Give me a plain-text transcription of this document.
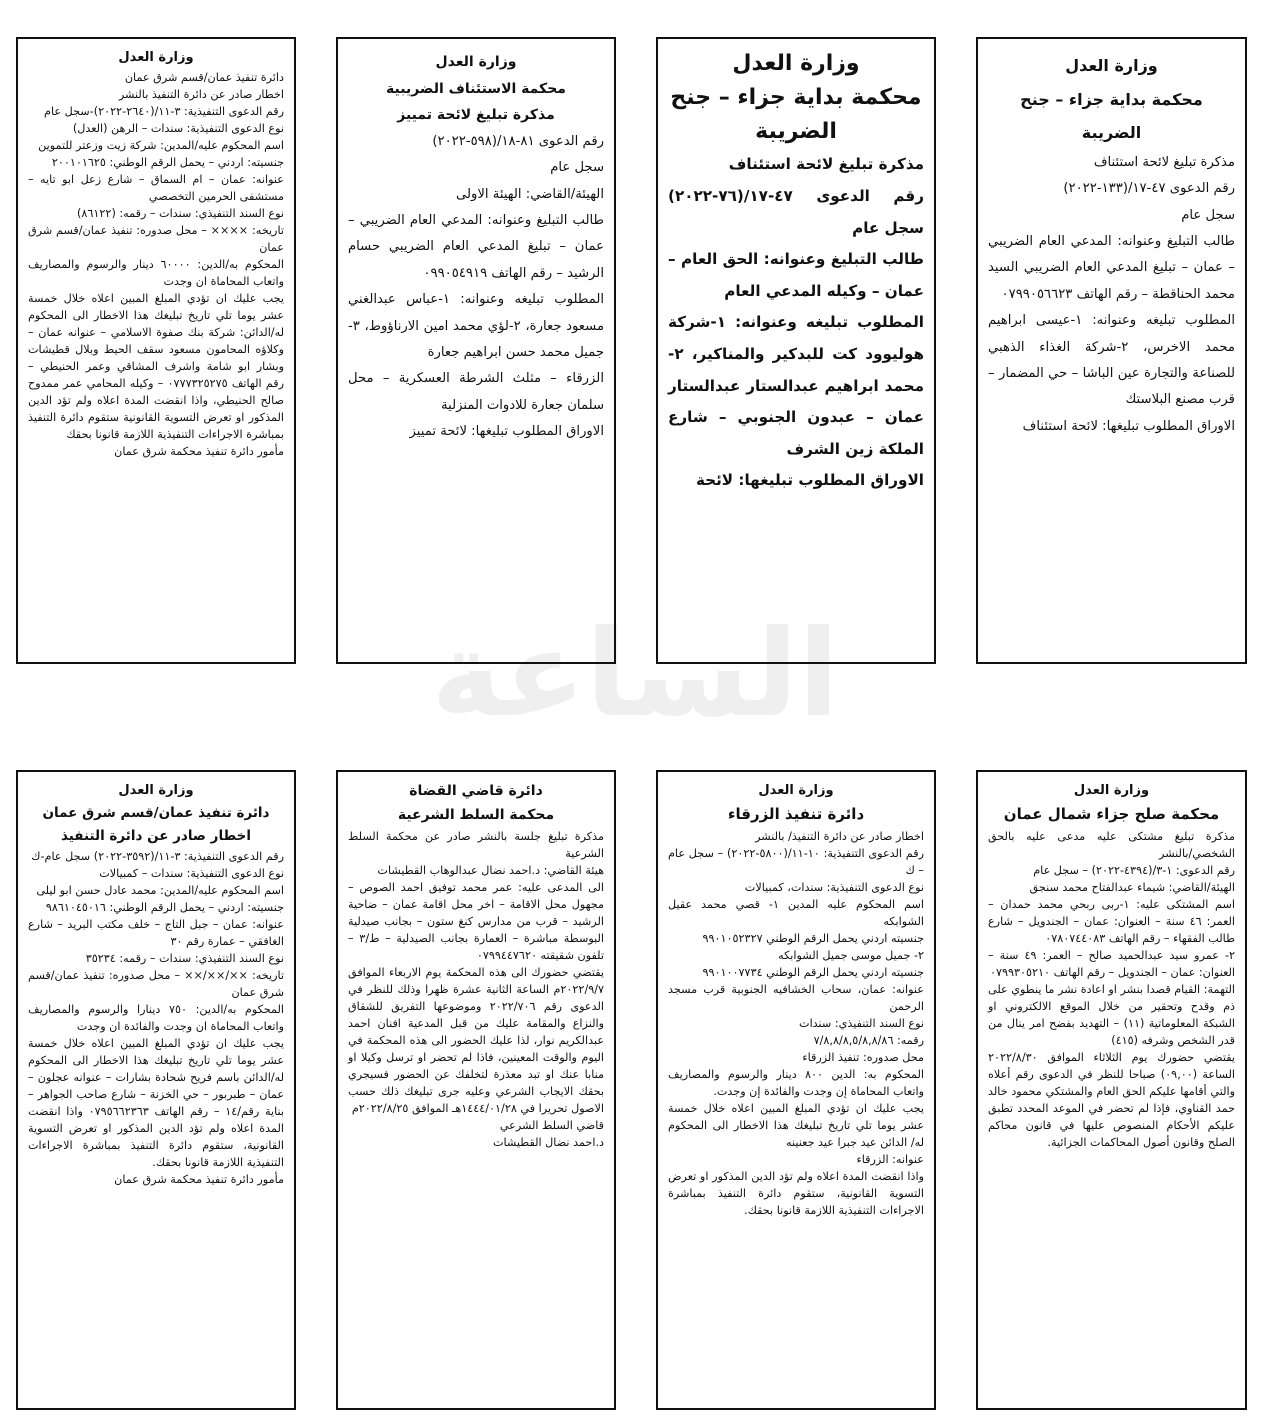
الساعة

وزارة العدل

محكمة بداية جزاء – جنح الضريبة

مذكرة تبليغ لائحة استئناف

رقم الدعوى ٤٧-١٧/(١٣٣-٢٠٢٢)

سجل عام

طالب التبليغ وعنوانه: المدعي العام الضريبي – عمان – تبليغ المدعي العام الضريبي السيد محمد الحناقطة – رقم الهاتف ٠٧٩٩٠٥٦٦٢٣

المطلوب تبليغه وعنوانه: ١-عيسى ابراهيم محمد الاخرس، ٢-شركة الغذاء الذهبي للصناعة والتجارة عين الباشا – حي المضمار – قرب مصنع البلاستك

الاوراق المطلوب تبليغها: لائحة استئناف

وزارة العدل

محكمة بداية جزاء – جنح الضريبة

مذكرة تبليغ لائحة استئناف

رقم الدعوى ٤٧-١٧/(٧٦-٢٠٢٢) سجل عام

طالب التبليغ وعنوانه: الحق العام – عمان – وكيله المدعي العام

المطلوب تبليغه وعنوانه: ١-شركة هوليوود كت للبدكير والمناكير، ٢-محمد ابراهيم عبدالستار عبدالستار عمان – عبدون الجنوبي – شارع الملكة زين الشرف

الاوراق المطلوب تبليغها: لائحة

وزارة العدل

محكمة الاستئناف الضريبية

مذكرة تبليغ لائحة تمييز

رقم الدعوى ٨١-١٨/(٥٩٨-٢٠٢٢)

سجل عام

الهيئة/القاضي: الهيئة الاولى

طالب التبليغ وعنوانه: المدعي العام الضريبي – عمان – تبليغ المدعي العام الضريبي حسام الرشيد – رقم الهاتف ٠٩٩٠٥٤٩١٩

المطلوب تبليغه وعنوانه: ١-عباس عبدالغني مسعود جعارة، ٢-لؤي محمد امين الارناؤوط، ٣-جميل محمد حسن ابراهيم جعارة

الزرقاء – مثلث الشرطة العسكرية – محل سلمان جعارة للادوات المنزلية

الاوراق المطلوب تبليغها: لائحة تمييز

وزارة العدل

دائرة تنفيذ عمان/قسم شرق عمان

اخطار صادر عن دائرة التنفيذ بالنشر

رقم الدعوى التنفيذية: ٣-١١/(٢٦٤٠-٢٠٢٢)-سجل عام

نوع الدعوى التنفيذية: سندات – الرهن (العدل)

اسم المحكوم عليه/المدين: شركة زيت وزعتر للتموين

جنسيته: اردني – يحمل الرقم الوطني: ٢٠٠١٠١٦٢٥

عنوانه: عمان – ام السماق – شارع زعل ابو تايه – مستشفى الحرمين التخصصي

نوع السند التنفيذي: سندات – رقمه: (٨٦١٢٢)

تاريخه: ×××× – محل صدوره: تنفيذ عمان/قسم شرق عمان

المحكوم به/الدين: ٦٠٠٠٠ دينار والرسوم والمصاريف واتعاب المحاماة ان وجدت

يجب عليك ان تؤدي المبلغ المبين اعلاه خلال خمسة عشر يوما تلي تاريخ تبليغك هذا الاخطار الى المحكوم له/الدائن: شركة بنك صفوة الاسلامي – عنوانه عمان – وكلاؤه المحامون مسعود سقف الحيط وبلال قطيشات وبشار ابو شامة واشرف المشاقي وعمر الحنيطي – رقم الهاتف ٠٧٧٧٣٢٥٢٧٥ – وكيله المحامي عمر ممدوح صالح الحنيطي، واذا انقضت المدة اعلاه ولم تؤد الدين المذكور او تعرض التسوية القانونية ستقوم دائرة التنفيذ بمباشرة الاجراءات التنفيذية اللازمة قانونا بحقك

مأمور دائرة تنفيذ محكمة شرق عمان

وزارة العدل

محكمة صلح جزاء شمال عمان

مذكرة تبليغ مشتكى عليه مدعى عليه بالحق الشخصي/بالنشر

رقم الدعوى: ١-٣/(٤٣٩٤-٢٠٢٢) – سجل عام

الهيئة/القاضي: شيماء عبدالفتاح محمد سنجق

اسم المشتكى عليه: ١-ربى ربحي محمد حمدان – العمر: ٤٦ سنة – العنوان: عمان – الجندويل – شارع طالب الفقهاء – رقم الهاتف ٠٧٨٠٧٤٤٠٨٣

٢- عمرو سيد عبدالحميد صالح – العمر: ٤٩ سنة – العنوان: عمان – الجندويل – رقم الهاتف ٠٧٩٩٣٠٥٢١٠

التهمة: القيام قصدا بنشر او اعادة نشر ما ينطوي على ذم وقدح وتحقير من خلال الموقع الالكتروني او الشبكة المعلوماتية (١١) – التهديد بفضح امر ينال من قدر الشخص وشرفه (٤١٥)

يقتضي حضورك يوم الثلاثاء الموافق ٢٠٢٢/٨/٣٠ الساعة (٠٩,٠٠) صباحا للنظر في الدعوى رقم أعلاه والتي أقامها عليكم الحق العام والمشتكي محمود خالد حمد القناوي، فإذا لم تحضر في الموعد المحدد تطبق عليكم الأحكام المنصوص عليها في قانون محاكم الصلح وقانون أصول المحاكمات الجزائية.

وزارة العدل

دائرة تنفيذ الزرقاء

اخطار صادر عن دائرة التنفيذ/ بالنشر

رقم الدعوى التنفيذية: ١٠-١١/(٥٨٠٠-٢٠٢٢) – سجل عام – ك

نوع الدعوى التنفيذية: سندات، كمبيالات

اسم المحكوم عليه المدين ١- قصي محمد عقيل الشوابكه

جنسيته اردني يحمل الرقم الوطني ٩٩٠١٠٥٢٣٢٧

٢- جميل موسى جميل الشوابكه

جنسيته اردني يحمل الرقم الوطني ٩٩٠١٠٠٧٧٣٤

عنوانه: عمان، سحاب الخشافيه الجنوبية قرب مسجد الرحمن

نوع السند التنفيذي: سندات

رقمه: ٧/٨,٨/٨,٥/٨,٨/٨٦

محل صدوره: تنفيذ الزرقاء

المحكوم به: الدين ٨٠٠ دينار والرسوم والمصاريف واتعاب المحاماة إن وجدت والفائدة إن وجدت.

يجب عليك ان تؤدي المبلغ المبين اعلاه خلال خمسة عشر يوما تلي تاريخ تبليغك هذا الاخطار الى المحكوم له/ الدائن عيد جبرا عيد جعنينه

عنوانه: الزرقاء

واذا انقضت المدة اعلاه ولم تؤد الدين المذكور او تعرض التسوية القانونية، ستقوم دائرة التنفيذ بمباشرة الاجراءات التنفيذية اللازمة قانونا بحقك.

دائرة قاضي القضاة

محكمة السلط الشرعية

مذكرة تبليغ جلسة بالنشر صادر عن محكمة السلط الشرعية

هيئة القاضي: د.احمد نضال عبدالوهاب القطيشات

الى المدعى عليه: عمر محمد توفيق احمد الصوص – مجهول محل الاقامة – اخر محل اقامة عمان – ضاحية الرشيد – قرب من مدارس كنغ ستون – بجانب صيدلية البوسطة مباشرة – العمارة بجانب الصيدلية – ط/٣ – تلفون شقيقته ٠٧٩٩٤٤٧٦٢٠

يقتضي حضورك الى هذه المحكمة يوم الاربعاء الموافق ٢٠٢٢/٩/٧م الساعة الثانية عشرة ظهرا وذلك للنظر في الدعوى رقم ٢٠٢٢/٧٠٦ وموضوعها التفريق للشقاق والنزاع والمقامة عليك من قبل المدعية افنان احمد عبدالكريم نوار، لذا عليك الحضور الى هذه المحكمة في اليوم والوقت المعينين، فاذا لم تحضر او ترسل وكيلا او منابا عنك او تبد معذرة لتخلفك عن الحضور فسيجري بحقك الايجاب الشرعي وعليه جرى تبليغك ذلك حسب الاصول تحريرا في ١٤٤٤/٠١/٢٨هـ الموافق ٢٠٢٢/٨/٢٥م

قاضي السلط الشرعي

د.احمد نضال القطيشات

وزارة العدل

دائرة تنفيذ عمان/قسم شرق عمان

اخطار صادر عن دائرة التنفيذ

رقم الدعوى التنفيذية: ٣-١١/(٣٥٩٢-٢٠٢٢) سجل عام-ك

نوع الدعوى التنفيذية: سندات – كمبيالات

اسم المحكوم عليه/المدين: محمد عادل حسن ابو ليلى

جنسيته: اردني – يحمل الرقم الوطني: ٩٨٦١٠٤٥٠١٦

عنوانه: عمان – جبل التاج – خلف مكتب البريد – شارع الغافقي – عمارة رقم ٣٠

نوع السند التنفيذي: سندات – رقمه: ٣٥٢٣٤

تاريخه: ××/××/×× – محل صدوره: تنفيذ عمان/قسم شرق عمان

المحكوم به/الدين: ٧٥٠ دينارا والرسوم والمصاريف واتعاب المحاماة ان وجدت والفائدة ان وجدت

يجب عليك ان تؤدي المبلغ المبين اعلاه خلال خمسة عشر يوما تلي تاريخ تبليغك هذا الاخطار الى المحكوم له/الدائن باسم فريح شحادة بشارات – عنوانه عجلون – عمان – طبربور – حي الخزنة – شارع صاحب الجواهر – بناية رقم/١٤ – رقم الهاتف ٠٧٩٥٦٦٢٣٦٣ واذا انقضت المدة اعلاه ولم تؤد الدين المذكور او تعرض التسوية القانونية، ستقوم دائرة التنفيذ بمباشرة الاجراءات التنفيذية اللازمة قانونا بحقك.

مأمور دائرة تنفيذ محكمة شرق عمان
